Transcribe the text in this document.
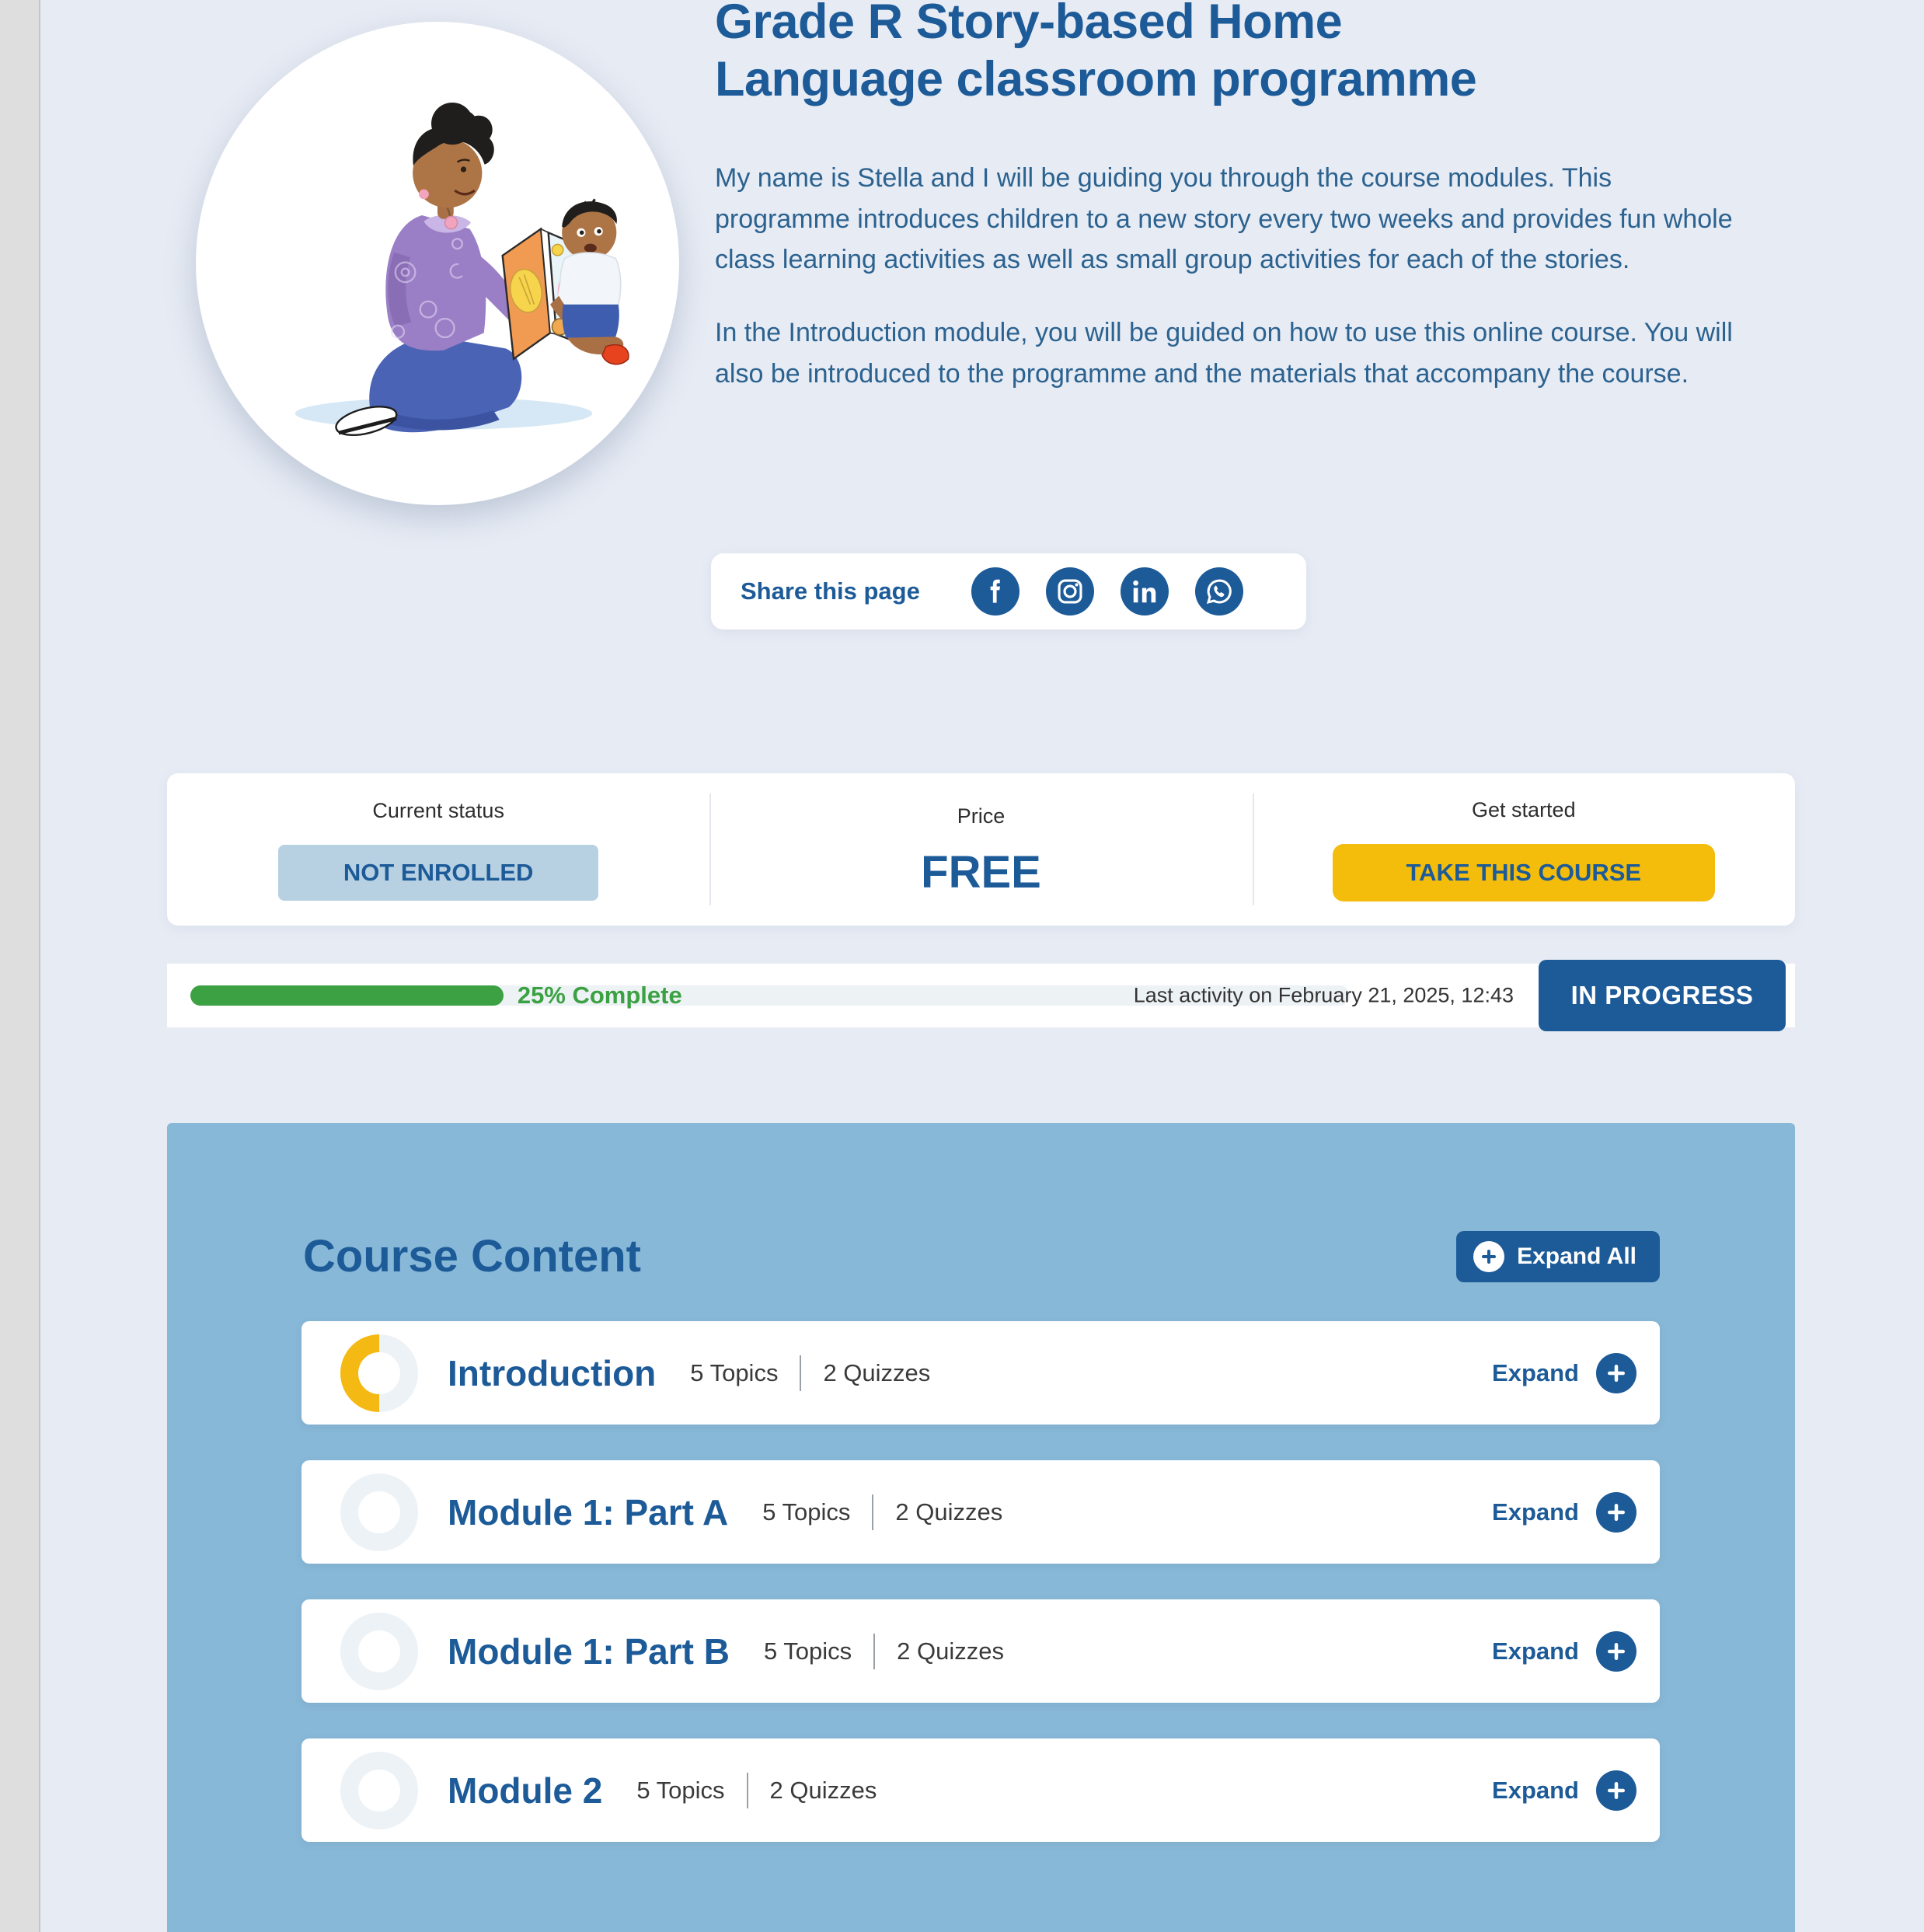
Grade R Story-based Home Language classroom programme

My name is Stella and I will be guiding you through the course modules. This programme introduces children to a new story every two weeks and provides fun whole class learning activities as well as small group activities for each of the stories.

In the Introduction module, you will be guided on how to use this online course. You will also be introduced to the programme and the materials that accompany the course.

Share this page
Current status
NOT ENROLLED
Price
FREE
Get started
TAKE THIS COURSE
25% Complete	Last activity on February 21, 2025, 12:43	IN PROGRESS
Course Content	Expand All
Introduction 5 Topics 2 Quizzes	Expand
Module 1: Part A 5 Topics 2 Quizzes	Expand
Module 1: Part B 5 Topics 2 Quizzes	Expand
Module 2 5 Topics 2 Quizzes	Expand
